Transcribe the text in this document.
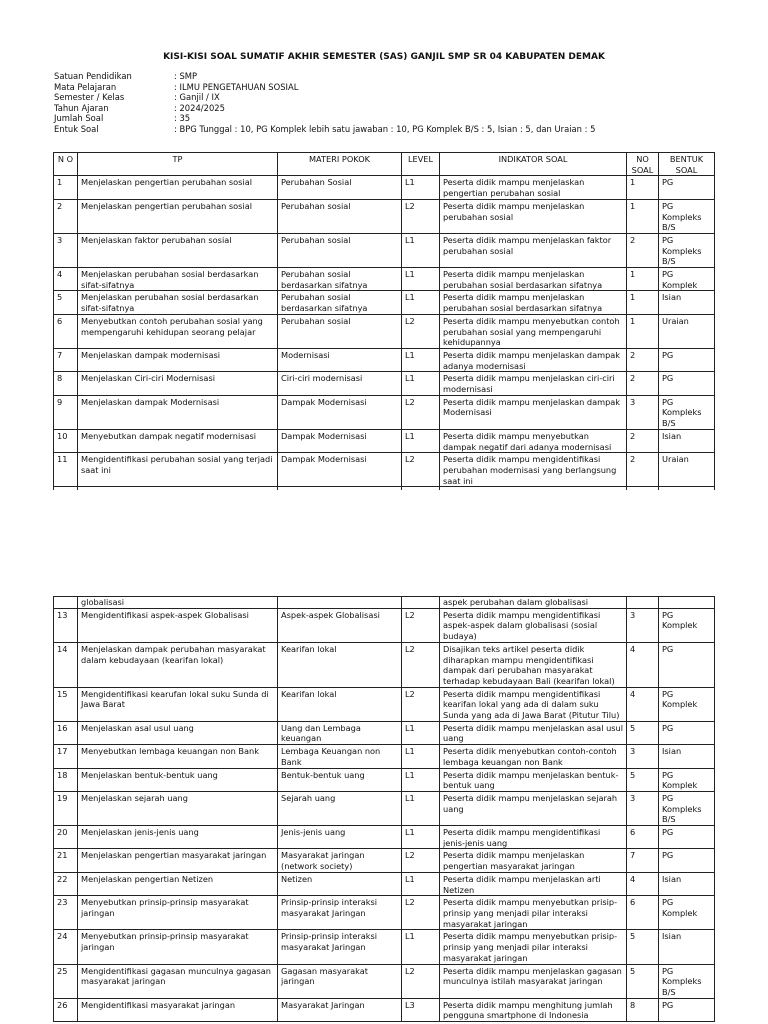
KISI-KISI SOAL SUMATIF AKHIR SEMESTER (SAS) GANJIL SMP SR 04 KABUPATEN DEMAK
Satuan Pendidikan	: SMP
Mata Pelajaran	: ILMU PENGETAHUAN SOSIAL
Semester / Kelas	: Ganjil / IX
Tahun Ajaran	: 2024/2025
Jumlah Soal	: 35
Entuk Soal	: BPG Tunggal : 10, PG Komplek lebih satu jawaban : 10, PG Komplek B/S : 5, Isian : 5, dan Uraian : 5
N O	TP	MATERI POKOK	LEVEL	INDIKATOR SOAL	NO SOAL	BENTUK SOAL
1	Menjelaskan pengertian perubahan sosial	Perubahan Sosial	L1	Peserta didik mampu menjelaskan pengertian perubahan sosial	1	PG
2	Menjelaskan pengertian perubahan sosial	Perubahan sosial	L2	Peserta didik mampu menjelaskan perubahan sosial	1	PG Kompleks B/S
3	Menjelaskan faktor perubahan sosial	Perubahan sosial	L1	Peserta didik mampu menjelaskan faktor perubahan sosial	2	PG Kompleks B/S
4	Menjelaskan perubahan sosial berdasarkan sifat-sifatnya	Perubahan sosial berdasarkan sifatnya	L1	Peserta didik mampu menjelaskan perubahan sosial berdasarkan sifatnya	1	PG Komplek
5	Menjelaskan perubahan sosial berdasarkan sifat-sifatnya	Perubahan sosial berdasarkan sifatnya	L1	Peserta didik mampu menjelaskan perubahan sosial berdasarkan sifatnya	1	Isian
6	Menyebutkan contoh perubahan sosial yang mempengaruhi kehidupan seorang pelajar	Perubahan sosial	L2	Peserta didik mampu menyebutkan contoh perubahan sosial yang mempengaruhi kehidupannya	1	Uraian
7	Menjelaskan dampak modernisasi	Modernisasi	L1	Peserta didik mampu menjelaskan dampak adanya modernisasi	2	PG
8	Menjelaskan Ciri-ciri Modernisasi	Ciri-ciri modernisasi	L1	Peserta didik mampu menjelaskan ciri-ciri modernisasi	2	PG
9	Menjelaskan dampak Modernisasi	Dampak Modernisasi	L2	Peserta didik mampu menjelaskan dampak Modernisasi	3	PG Kompleks B/S
10	Menyebutkan dampak negatif modernisasi	Dampak Modernisasi	L1	Peserta didik mampu menyebutkan dampak negatif dari adanya modernisasi	2	Isian
11	Mengidentifikasi perubahan sosial yang terjadi saat ini	Dampak Modernisasi	L2	Peserta didik mampu mengidentifikasi perubahan modernisasi yang berlangsung saat ini	2	Uraian

	globalisasi			aspek perubahan dalam globalisasi		
13	Mengidentifikasi aspek-aspek Globalisasi	Aspek-aspek Globalisasi	L2	Peserta didik mampu mengidentifikasi aspek-aspek dalam globalisasi (sosial budaya)	3	PG Komplek
14	Menjelaskan dampak perubahan masyarakat dalam kebudayaan (kearifan lokal)	Kearifan lokal	L2	Disajikan teks artikel peserta didik diharapkan mampu mengidentifikasi dampak dari perubahan masyarakat terhadap kebudayaan Bali (kearifan lokal)	4	PG
15	Mengidentifikasi kearufan lokal suku Sunda di Jawa Barat	Kearifan lokal	L2	Peserta didik mampu mengidentifikasi kearifan lokal yang ada di dalam suku Sunda yang ada di Jawa Barat (Pitutur Tilu)	4	PG Komplek
16	Menjelaskan asal usul uang	Uang dan Lembaga keuangan	L1	Peserta didik mampu menjelaskan asal usul uang	5	PG
17	Menyebutkan lembaga keuangan non Bank	Lembaga Keuangan non Bank	L1	Peserta didik menyebutkan contoh-contoh lembaga keuangan non Bank	3	Isian
18	Menjelaskan bentuk-bentuk uang	Bentuk-bentuk uang	L1	Peserta didik mampu menjelaskan bentuk-bentuk uang	5	PG Komplek
19	Menjelaskan sejarah uang	Sejarah uang	L1	Peserta didik mampu menjelaskan sejarah uang	3	PG Kompleks B/S
20	Menjelaskan jenis-jenis uang	Jenis-jenis uang	L1	Peserta didik mampu mengidentifikasi jenis-jenis uang	6	PG
21	Menjelaskan pengertian masyarakat jaringan	Masyarakat jaringan (network society)	L2	Peserta didik mampu menjelaskan pengertian masyarakat jaringan	7	PG
22	Menjelaskan pengertian Netizen	Netizen	L1	Peserta didik mampu menjelaskan arti Netizen	4	Isian
23	Menyebutkan prinsip-prinsip masyarakat jaringan	Prinsip-prinsip interaksi masyarakat Jaringan	L2	Peserta didik mampu menyebutkan prisip-prinsip yang menjadi pilar interaksi masyarakat jaringan	6	PG Komplek
24	Menyebutkan prinsip-prinsip masyarakat jaringan	Prinsip-prinsip interaksi masyarakat Jaringan	L1	Peserta didik mampu menyebutkan prisip-prinsip yang menjadi pilar interaksi masyarakat jaringan	5	Isian
25	Mengidentifikasi gagasan munculnya gagasan masyarakat jaringan	Gagasan masyarakat jaringan	L2	Peserta didik mampu menjelaskan gagasan munculnya istilah masyarakat jaringan	5	PG Kompleks B/S
26	Mengidentifikasi masyarakat jaringan	Masyarakat Jaringan	L3	Peserta didik mampu menghitung jumlah pengguna smartphone di Indonesia	8	PG
